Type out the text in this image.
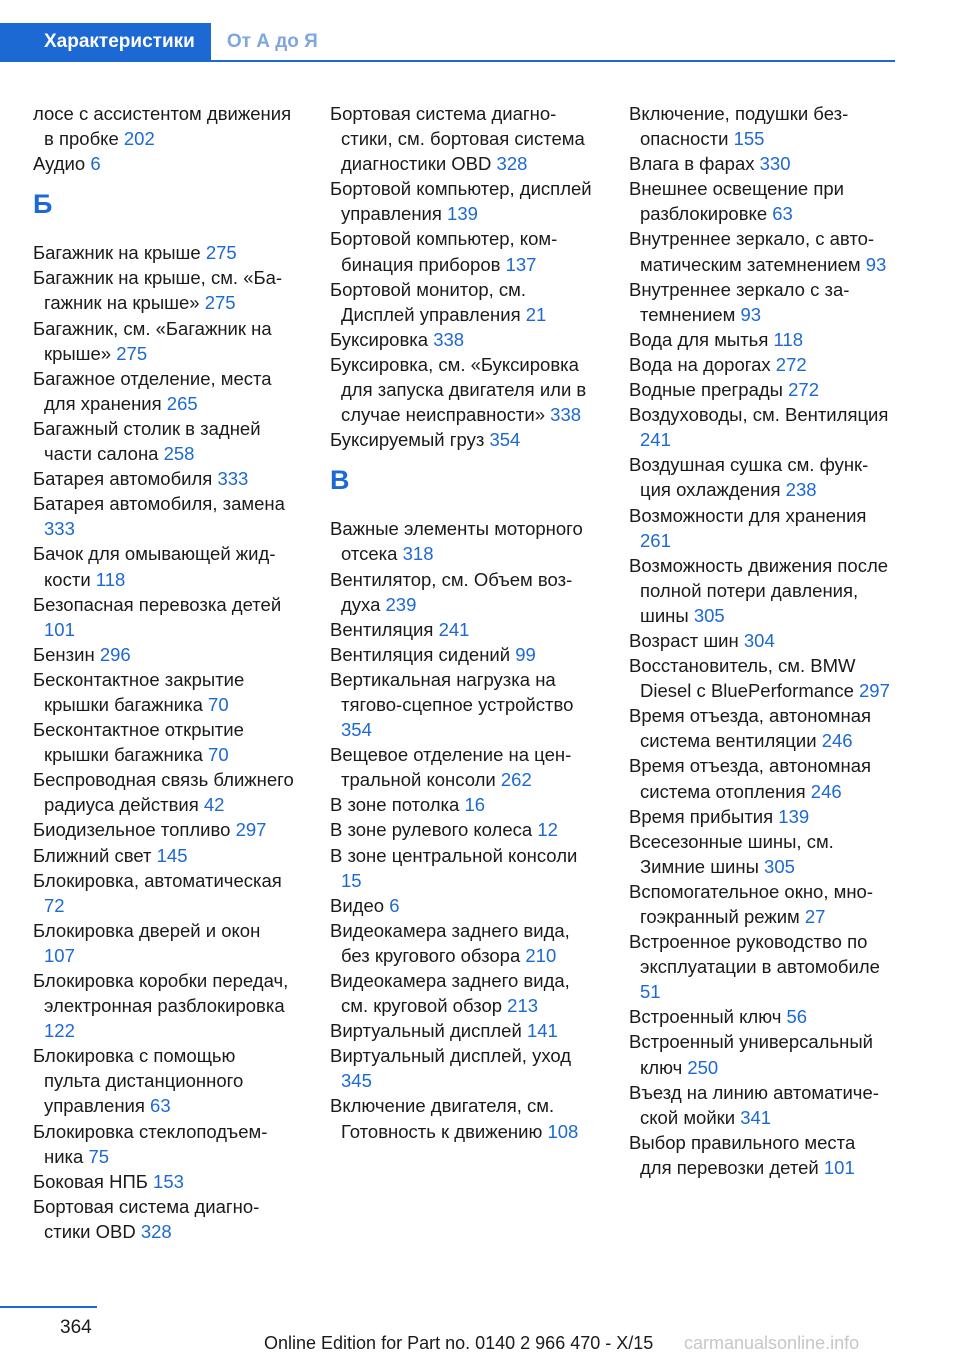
Характеристики	От А до Я

лосе с ассистентом движения в пробке 202

Аудио 6

Б

Багажник на крыше 275

Багажник на крыше, см. «Багажник на крыше» 275

Багажник, см. «Багажник на крыше» 275

Багажное отделение, места для хранения 265

Багажный столик в задней части салона 258

Батарея автомобиля 333

Батарея автомобиля, замена 333

Бачок для омывающей жидкости 118

Безопасная перевозка детей 101

Бензин 296

Бесконтактное закрытие крышки багажника 70

Бесконтактное открытие крышки багажника 70

Беспроводная связь ближнего радиуса действия 42

Биодизельное топливо 297

Ближний свет 145

Блокировка, автоматическая 72

Блокировка дверей и окон 107

Блокировка коробки передач, электронная разблокировка 122

Блокировка с помощью пульта дистанционного управления 63

Блокировка стеклоподъемника 75

Боковая НПБ 153

Бортовая система диагностики OBD 328

Бортовая система диагностики, см. бортовая система диагностики OBD 328

Бортовой компьютер, дисплей управления 139

Бортовой компьютер, комбинация приборов 137

Бортовой монитор, см. Дисплей управления 21

Буксировка 338

Буксировка, см. «Буксировка для запуска двигателя или в случае неисправности» 338

Буксируемый груз 354

В

Важные элементы моторного отсека 318

Вентилятор, см. Объем воздуха 239

Вентиляция 241

Вентиляция сидений 99

Вертикальная нагрузка на тягово-сцепное устройство 354

Вещевое отделение на центральной консоли 262

В зоне потолка 16

В зоне рулевого колеса 12

В зоне центральной консоли 15

Видео 6

Видеокамера заднего вида, без кругового обзора 210

Видеокамера заднего вида, см. круговой обзор 213

Виртуальный дисплей 141

Виртуальный дисплей, уход 345

Включение двигателя, см. Готовность к движению 108

Включение, подушки безопасности 155

Влага в фарах 330

Внешнее освещение при разблокировке 63

Внутреннее зеркало, с автоматическим затемнением 93

Внутреннее зеркало с затемнением 93

Вода для мытья 118

Вода на дорогах 272

Водные преграды 272

Воздуховоды, см. Вентиляция 241

Воздушная сушка см. функция охлаждения 238

Возможности для хранения 261

Возможность движения после полной потери давления, шины 305

Возраст шин 304

Восстановитель, см. BMW Diesel с BluePerformance 297

Время отъезда, автономная система вентиляции 246

Время отъезда, автономная система отопления 246

Время прибытия 139

Всесезонные шины, см. Зимние шины 305

Вспомогательное окно, многоэкранный режим 27

Встроенное руководство по эксплуатации в автомобиле 51

Встроенный ключ 56

Встроенный универсальный ключ 250

Въезд на линию автоматической мойки 341

Выбор правильного места для перевозки детей 101

364
Online Edition for Part no. 0140 2 966 470 - X/15 carmanualsonline.info
